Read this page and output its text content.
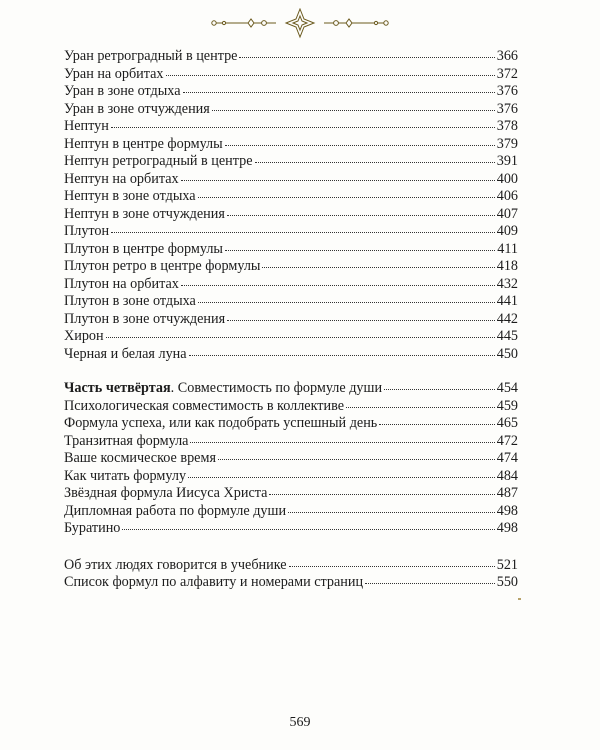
Уран ретроградный в центре	366
Уран на орбитах	372
Уран в зоне отдыха	376
Уран в зоне отчуждения	376
Нептун	378
Нептун в центре формулы	379
Нептун ретроградный в центре	391
Нептун на орбитах	400
Нептун в зоне отдыха	406
Нептун в зоне отчуждения	407
Плутон	409
Плутон в центре формулы	411
Плутон ретро в центре формулы	418
Плутон на орбитах	432
Плутон в зоне отдыха	441
Плутон в зоне отчуждения	442
Хирон	445
Черная и белая луна	450
Часть четвёртая. Совместимость по формуле души	454
Психологическая совместимость в коллективе	459
Формула успеха, или как подобрать успешный день	465
Транзитная формула	472
Ваше космическое время	474
Как читать формулу	484
Звёздная формула Иисуса Христа	487
Дипломная работа по формуле души	498
Буратино	498
Об этих людях говорится в учебнике	521
Список формул по алфавиту и номерами страниц	550
569
